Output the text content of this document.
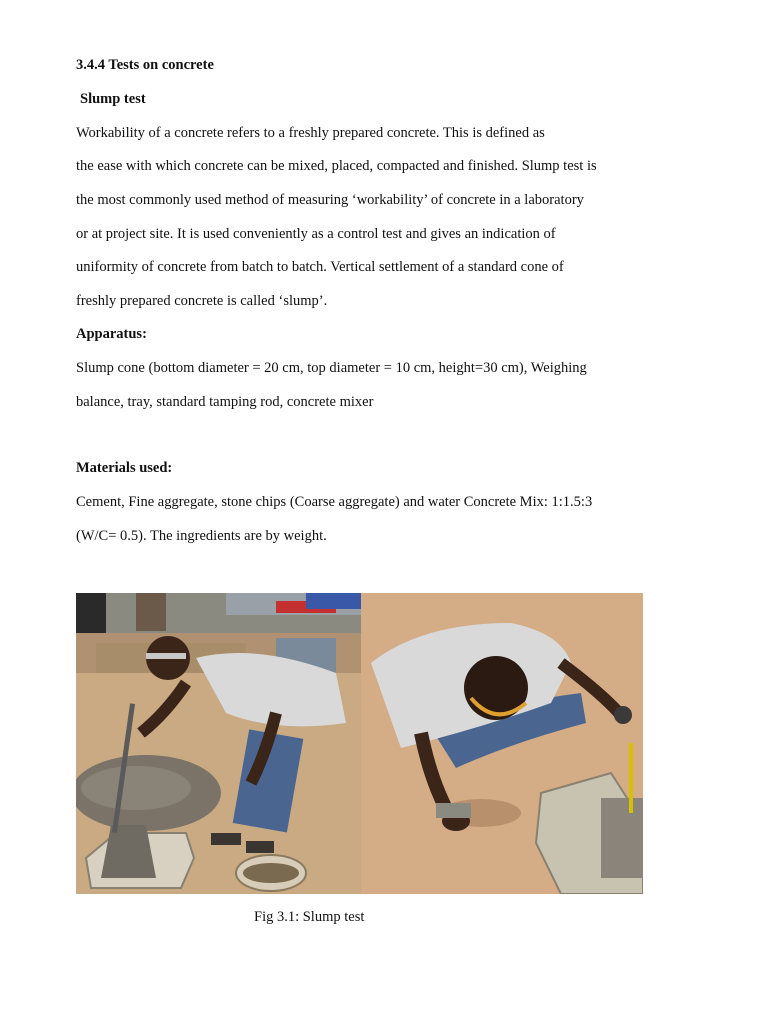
3.4.4 Tests on concrete
Slump test
Workability of a concrete refers to a freshly prepared concrete. This is defined as
the ease with which concrete can be mixed, placed, compacted and finished. Slump test is
the most commonly used method of measuring ‘workability’ of concrete in a laboratory
or at project site. It is used conveniently as a control test and gives an indication of
uniformity of concrete from batch to batch. Vertical settlement of a standard cone of
freshly prepared concrete is called ‘slump’.
Apparatus:
Slump cone (bottom diameter = 20 cm, top diameter = 10 cm, height=30 cm), Weighing
balance, tray, standard tamping rod, concrete mixer
Materials used:
Cement, Fine aggregate, stone chips (Coarse aggregate) and water Concrete Mix: 1:1.5:3
(W/C= 0.5). The ingredients are by weight.
Fig 3.1: Slump test
